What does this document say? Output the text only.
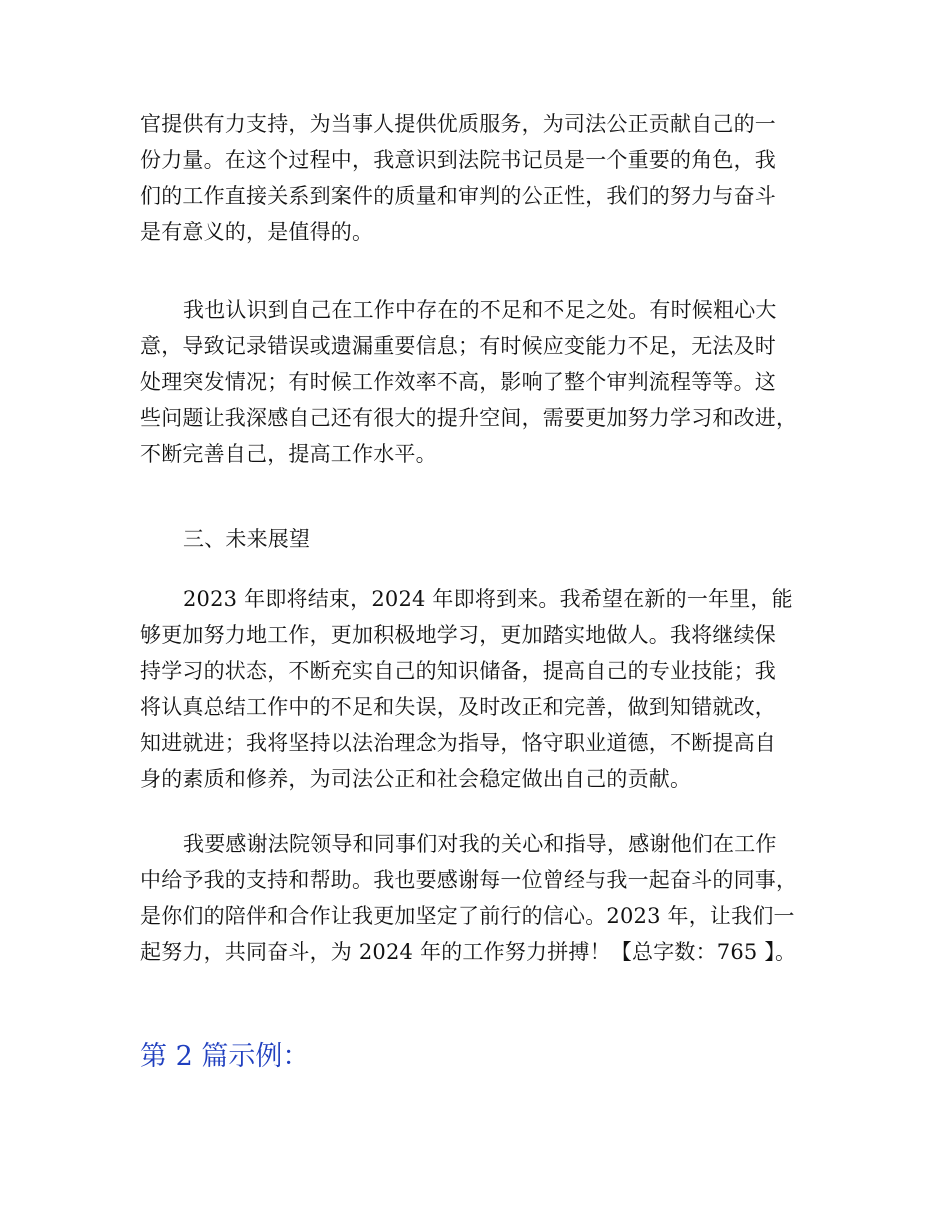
官提供有力支持，为当事人提供优质服务，为司法公正贡献自己的一
份力量。在这个过程中，我意识到法院书记员是一个重要的角色，我
们的工作直接关系到案件的质量和审判的公正性，我们的努力与奋斗
是有意义的，是值得的。
我也认识到自己在工作中存在的不足和不足之处。有时候粗心大
意，导致记录错误或遗漏重要信息；有时候应变能力不足，无法及时
处理突发情况；有时候工作效率不高，影响了整个审判流程等等。这
些问题让我深感自己还有很大的提升空间，需要更加努力学习和改进，
不断完善自己，提高工作水平。
三、未来展望
2023 年即将结束，2024 年即将到来。我希望在新的一年里，能
够更加努力地工作，更加积极地学习，更加踏实地做人。我将继续保
持学习的状态，不断充实自己的知识储备，提高自己的专业技能；我
将认真总结工作中的不足和失误，及时改正和完善，做到知错就改，
知进就进；我将坚持以法治理念为指导，恪守职业道德，不断提高自
身的素质和修养，为司法公正和社会稳定做出自己的贡献。
我要感谢法院领导和同事们对我的关心和指导，感谢他们在工作
中给予我的支持和帮助。我也要感谢每一位曾经与我一起奋斗的同事，
是你们的陪伴和合作让我更加坚定了前行的信心。2023 年，让我们一
起努力，共同奋斗，为 2024 年的工作努力拼搏！【总字数：765 】。
第 2 篇示例：
